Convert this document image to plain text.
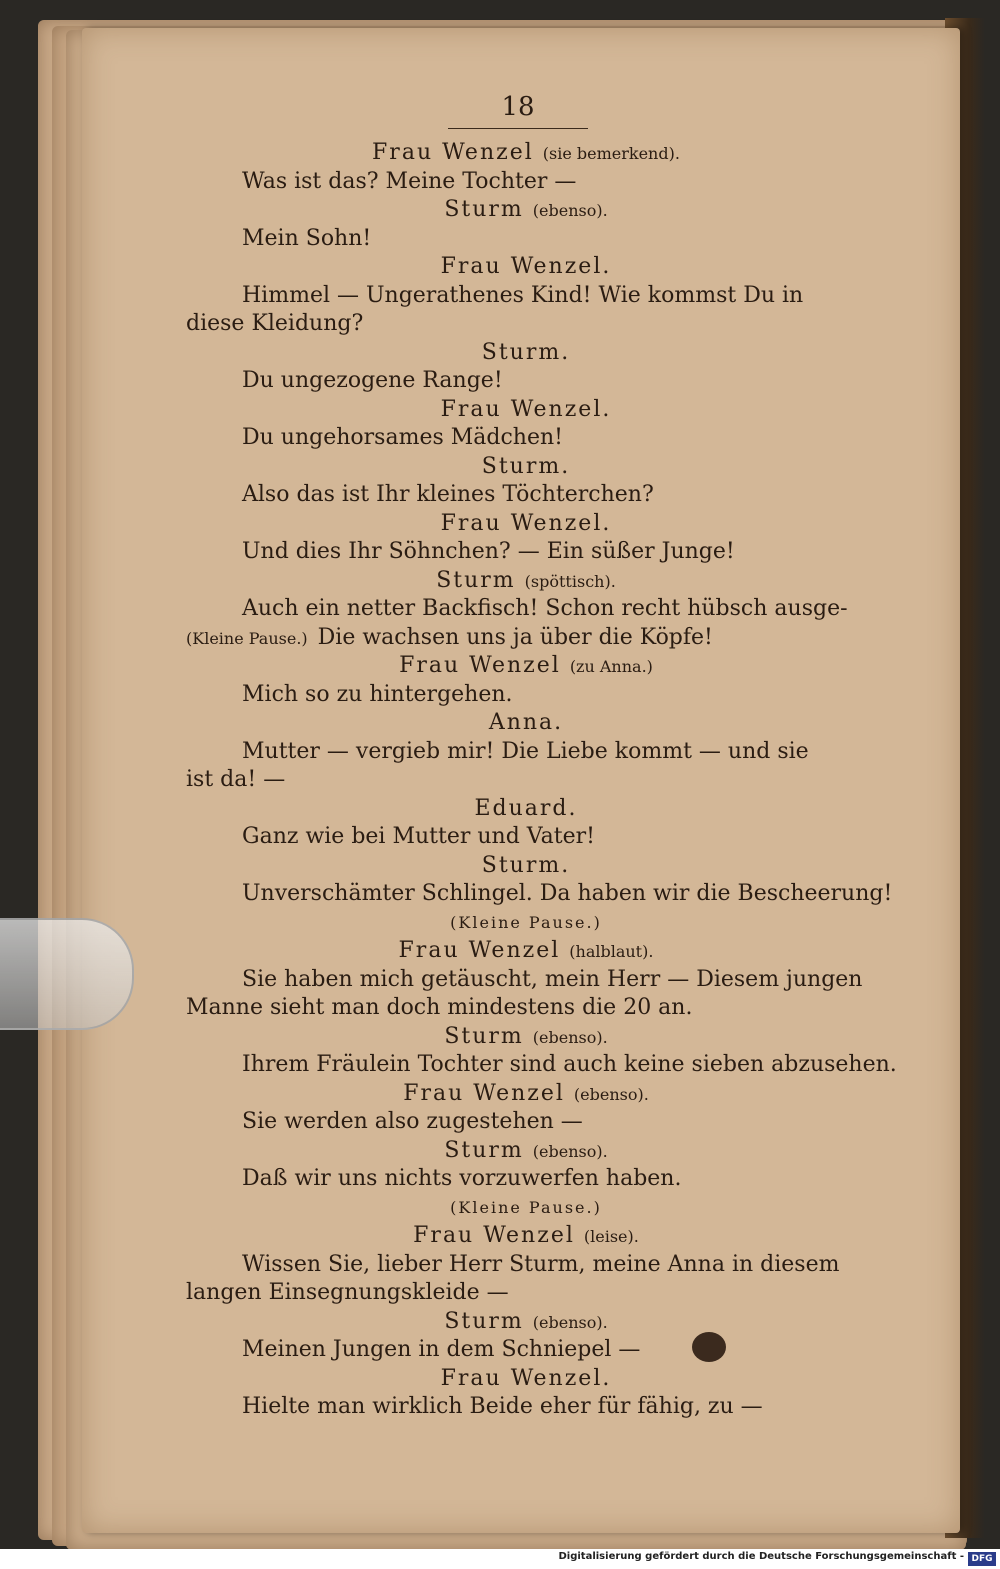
18
Frau Wenzel (sie bemerkend).
Was ist das? Meine Tochter —
Sturm (ebenso).
Mein Sohn!
Frau Wenzel.
Himmel — Ungerathenes Kind! Wie kommst Du in
diese Kleidung?
Sturm.
Du ungezogene Range!
Frau Wenzel.
Du ungehorsames Mädchen!
Sturm.
Also das ist Ihr kleines Töchterchen?
Frau Wenzel.
Und dies Ihr Söhnchen? — Ein süßer Junge!
Sturm (spöttisch).
Auch ein netter Backfisch! Schon recht hübsch ausge-
(Kleine Pause.) Die wachsen uns ja über die Köpfe!
Frau Wenzel (zu Anna.)
Mich so zu hintergehen.
Anna.
Mutter — vergieb mir! Die Liebe kommt — und sie
ist da! —
Eduard.
Ganz wie bei Mutter und Vater!
Sturm.
Unverschämter Schlingel. Da haben wir die Bescheerung!
(Kleine Pause.)
Frau Wenzel (halblaut).
Sie haben mich getäuscht, mein Herr — Diesem jungen
Manne sieht man doch mindestens die 20 an.
Sturm (ebenso).
Ihrem Fräulein Tochter sind auch keine sieben abzusehen.
Frau Wenzel (ebenso).
Sie werden also zugestehen —
Sturm (ebenso).
Daß wir uns nichts vorzuwerfen haben.
(Kleine Pause.)
Frau Wenzel (leise).
Wissen Sie, lieber Herr Sturm, meine Anna in diesem
langen Einsegnungskleide —
Sturm (ebenso).
Meinen Jungen in dem Schniepel —
Frau Wenzel.
Hielte man wirklich Beide eher für fähig, zu —
Digitalisierung gefördert durch die Deutsche Forschungsgemeinschaft - DFG
